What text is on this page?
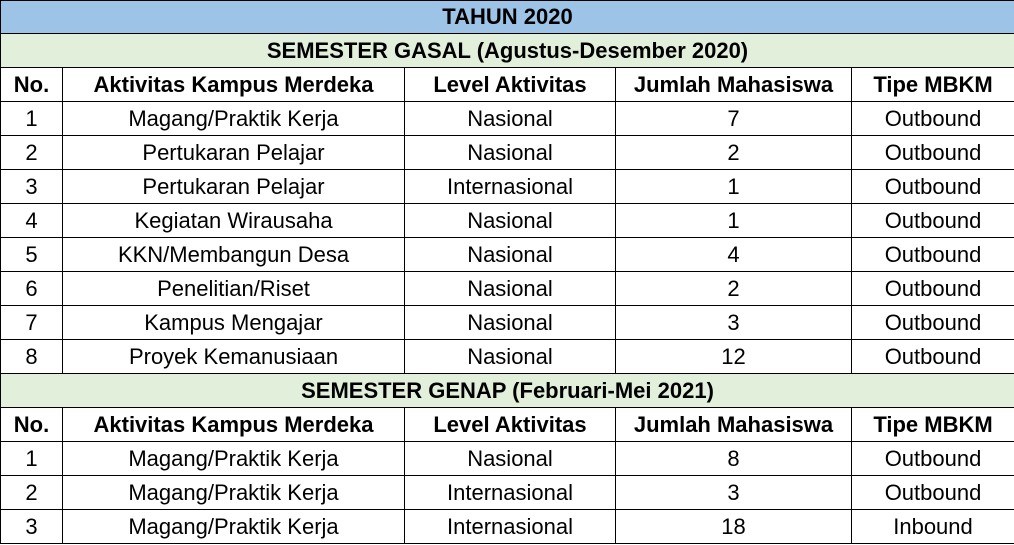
TAHUN 2020				
SEMESTER GASAL (Agustus-Desember 2020)				
No.	Aktivitas Kampus Merdeka	Level Aktivitas	Jumlah Mahasiswa	Tipe MBKM
1	Magang/Praktik Kerja	Nasional	7	Outbound
2	Pertukaran Pelajar	Nasional	2	Outbound
3	Pertukaran Pelajar	Internasional	1	Outbound
4	Kegiatan Wirausaha	Nasional	1	Outbound
5	KKN/Membangun Desa	Nasional	4	Outbound
6	Penelitian/Riset	Nasional	2	Outbound
7	Kampus Mengajar	Nasional	3	Outbound
8	Proyek Kemanusiaan	Nasional	12	Outbound
SEMESTER GENAP (Februari-Mei 2021)				
No.	Aktivitas Kampus Merdeka	Level Aktivitas	Jumlah Mahasiswa	Tipe MBKM
1	Magang/Praktik Kerja	Nasional	8	Outbound
2	Magang/Praktik Kerja	Internasional	3	Outbound
3	Magang/Praktik Kerja	Internasional	18	Inbound
